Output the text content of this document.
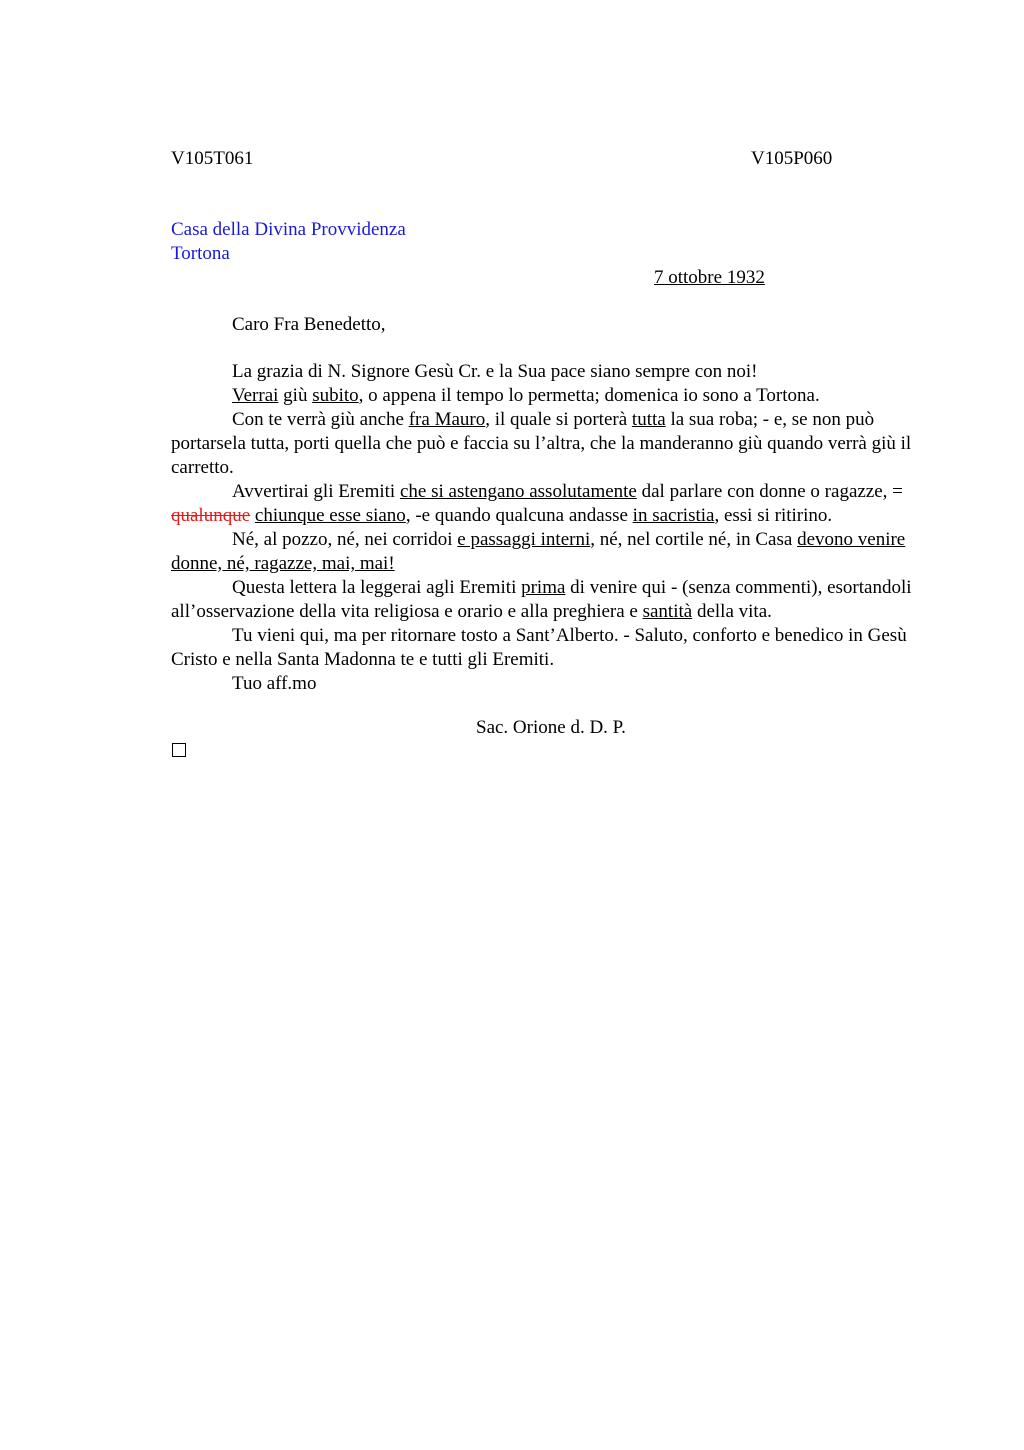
V105T061	V105P060
Casa della Divina Provvidenza
Tortona
7 ottobre 1932
Caro Fra Benedetto,

La grazia di N. Signore Gesù Cr. e la Sua pace siano sempre con noi!

Verrai giù subito, o appena il tempo lo permetta; domenica io sono a Tortona.

Con te verrà giù anche fra Mauro, il quale si porterà tutta la sua roba; - e, se non può portarsela tutta, porti quella che può e faccia su l’altra, che la manderanno giù quando verrà giù il carretto.

Avvertirai gli Eremiti che si astengano assolutamente dal parlare con donne o ragazze, = qualunque chiunque esse siano, -e quando qualcuna andasse in sacristia, essi si ritirino.

Né, al pozzo, né, nei corridoi e passaggi interni, né, nel cortile né, in Casa devono venire donne, né, ragazze, mai, mai!

Questa lettera la leggerai agli Eremiti prima di venire qui - (senza commenti), esortandoli all’osservazione della vita religiosa e orario e alla preghiera e santità della vita.

Tu vieni qui, ma per ritornare tosto a Sant’Alberto. - Saluto, conforto e benedico in Gesù Cristo e nella Santa Madonna te e tutti gli Eremiti.

Tuo aff.mo

Sac. Orione d. D. P.
